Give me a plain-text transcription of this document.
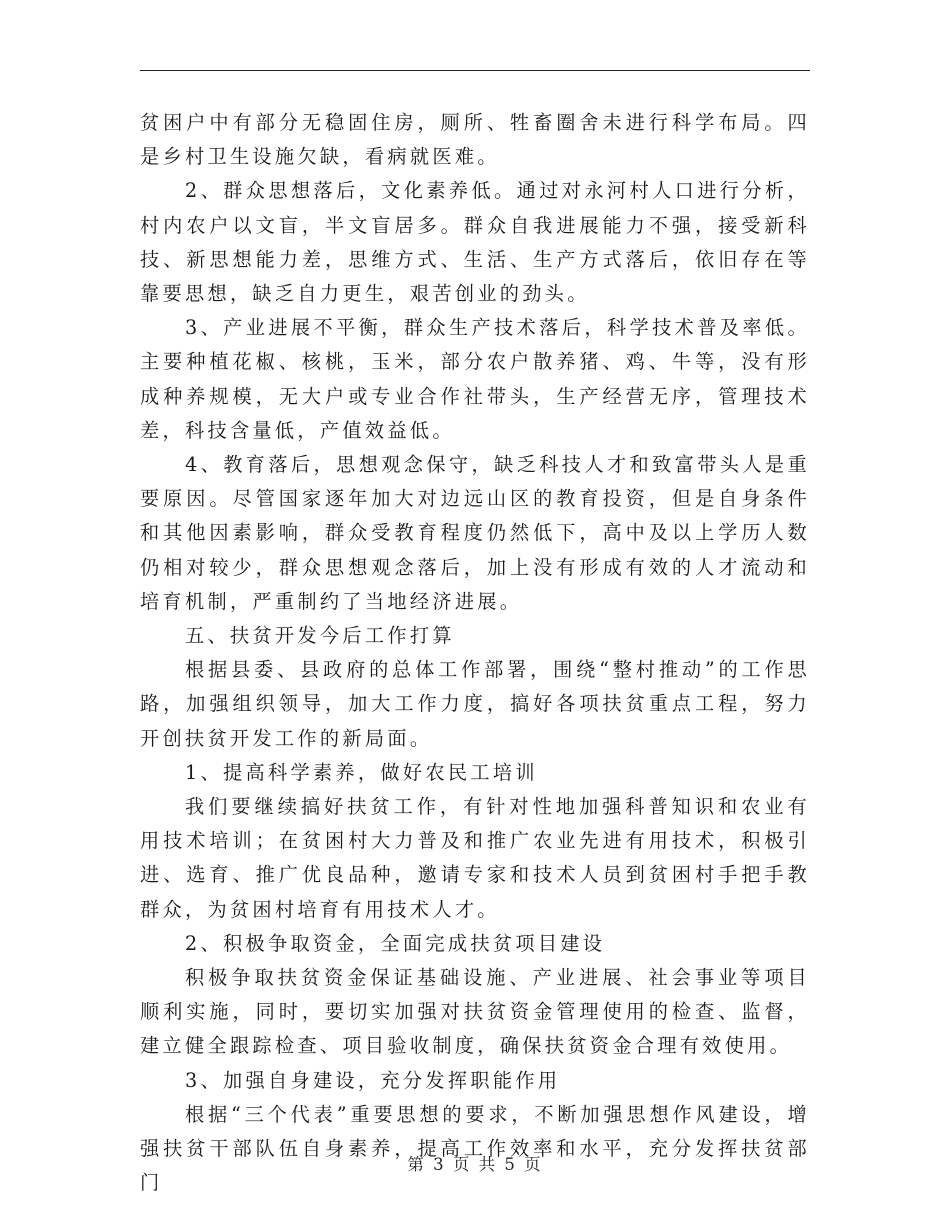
贫困户中有部分无稳固住房，厕所、牲畜圈舍未进行科学布局。四是乡村卫生设施欠缺，看病就医难。

2、群众思想落后，文化素养低。通过对永河村人口进行分析，村内农户以文盲，半文盲居多。群众自我进展能力不强，接受新科技、新思想能力差，思维方式、生活、生产方式落后，依旧存在等靠要思想，缺乏自力更生，艰苦创业的劲头。

3、产业进展不平衡，群众生产技术落后，科学技术普及率低。主要种植花椒、核桃，玉米，部分农户散养猪、鸡、牛等，没有形成种养规模，无大户或专业合作社带头，生产经营无序，管理技术差，科技含量低，产值效益低。

4、教育落后，思想观念保守，缺乏科技人才和致富带头人是重要原因。尽管国家逐年加大对边远山区的教育投资，但是自身条件和其他因素影响，群众受教育程度仍然低下，高中及以上学历人数仍相对较少，群众思想观念落后，加上没有形成有效的人才流动和培育机制，严重制约了当地经济进展。

五、扶贫开发今后工作打算

根据县委、县政府的总体工作部署，围绕“整村推动”的工作思路，加强组织领导，加大工作力度，搞好各项扶贫重点工程，努力开创扶贫开发工作的新局面。

1、提高科学素养，做好农民工培训

我们要继续搞好扶贫工作，有针对性地加强科普知识和农业有用技术培训；在贫困村大力普及和推广农业先进有用技术，积极引进、选育、推广优良品种，邀请专家和技术人员到贫困村手把手教群众，为贫困村培育有用技术人才。

2、积极争取资金，全面完成扶贫项目建设

积极争取扶贫资金保证基础设施、产业进展、社会事业等项目顺利实施，同时，要切实加强对扶贫资金管理使用的检查、监督，建立健全跟踪检查、项目验收制度，确保扶贫资金合理有效使用。

3、加强自身建设，充分发挥职能作用

根据“三个代表”重要思想的要求，不断加强思想作风建设，增强扶贫干部队伍自身素养，提高工作效率和水平，充分发挥扶贫部门

第 3 页 共 5 页
